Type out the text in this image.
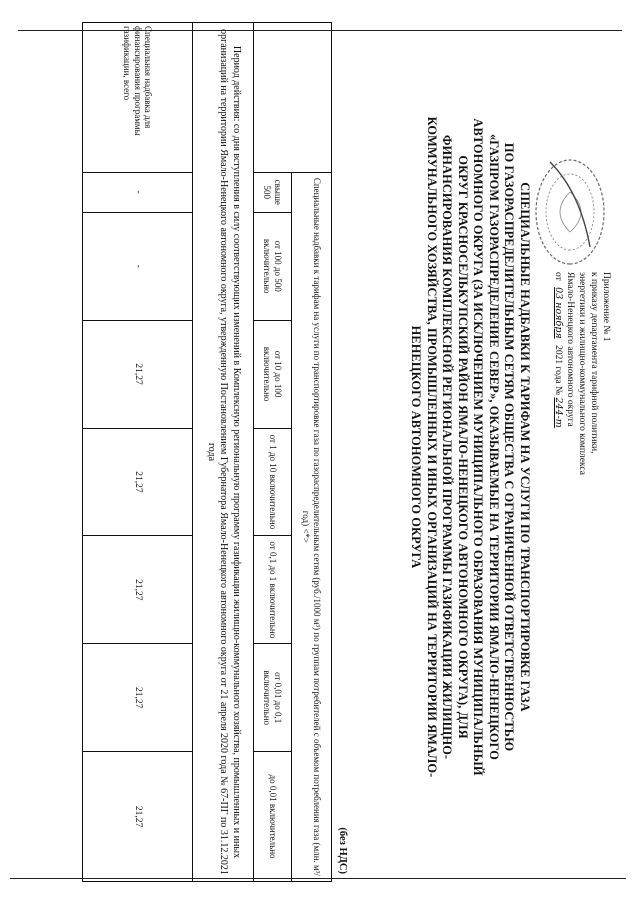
Приложение № 1
к приказу департамента тарифной политики,
энергетики и жилищно-коммунального комплекса
Ямало-Ненецкого автономного округа
от 03 ноября 2021 года № 244-т
СПЕЦИАЛЬНЫЕ НАДБАВКИ К ТАРИФАМ НА УСЛУГИ ПО ТРАНСПОРТИРОВКЕ ГАЗА
ПО ГАЗОРАСПРЕДЕЛИТЕЛЬНЫМ СЕТЯМ ОБЩЕСТВА С ОГРАНИЧЕННОЙ ОТВЕТСТВЕННОСТЬЮ
«ГАЗПРОМ ГАЗОРАСПРЕДЕЛЕНИЕ СЕВЕР», ОКАЗЫВАЕМЫЕ НА ТЕРРИТОРИИ ЯМАЛО-НЕНЕЦКОГО
АВТОНОМНОГО ОКРУГА (ЗА ИСКЛЮЧЕНИЕМ МУНИЦИПАЛЬНОГО ОБРАЗОВАНИЯ МУНИЦИПАЛЬНЫЙ
ОКРУГ КРАСНОСЕЛЬКУПСКИЙ РАЙОН ЯМАЛО-НЕНЕЦКОГО АВТОНОМНОГО ОКРУГА), ДЛЯ
ФИНАНСИРОВАНИЯ КОМПЛЕКСНОЙ РЕГИОНАЛЬНОЙ ПРОГРАММЫ ГАЗИФИКАЦИИ ЖИЛИЩНО-
КОММУНАЛЬНОГО ХОЗЯЙСТВА, ПРОМЫШЛЕННЫХ И ИНЫХ ОРГАНИЗАЦИЙ НА ТЕРРИТОРИИ ЯМАЛО-
НЕНЕЦКОГО АВТОНОМНОГО ОКРУГА
(без НДС)
	Специальные надбавки к тарифам на услуги по транспортировке газа по газораспределительным сетям (руб./1000 м³) по группам потребителей с объемом потребления газа (млн. м³/год) <*>						
	свыше 500	от 100 до 500 включительно	от 10 до 100 включительно	от 1 до 10 включительно	от 0,1 до 1 включительно	от 0,01 до 0,1 включительно	до 0,01 включительно
Период действия: со дня вступления в силу соответствующих изменений в Комплексную региональную программу газификации жилищно-коммунального хозяйства, промышленных и иных организаций на территории Ямало-Ненецкого автономного округа, утвержденную Постановлением Губернатора Ямало-Ненецкого автономного округа от 21 апреля 2020 года № 67-ПГ по 31.12.2021 года							
Специальная надбавка для финансирования программы газификации, всего	-	-	21,27	21,27	21,27	21,27	21,27
